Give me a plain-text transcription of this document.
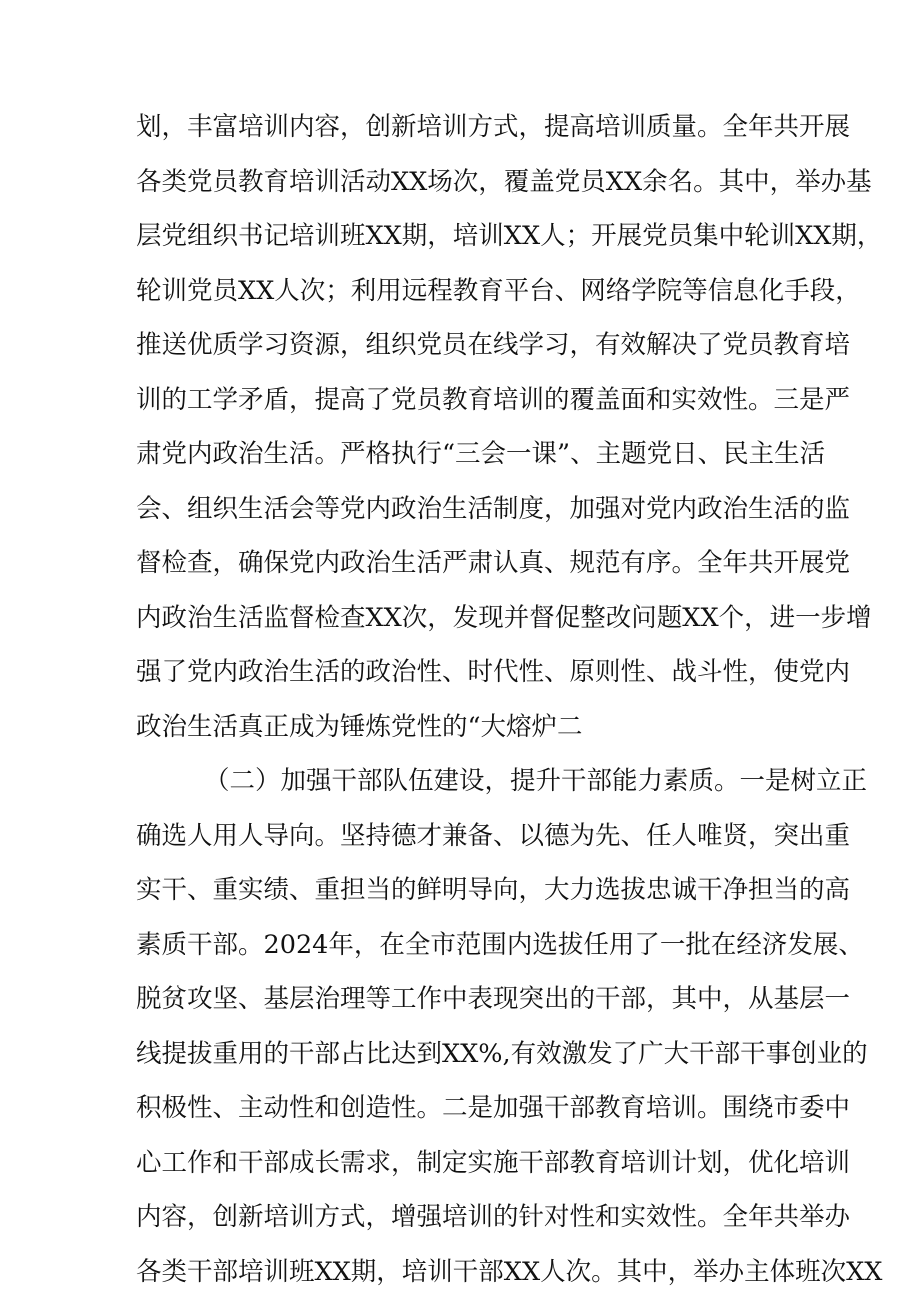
划，丰富培训内容，创新培训方式，提高培训质量。全年共开展
各类党员教育培训活动XX场次，覆盖党员XX余名。其中，举办基
层党组织书记培训班XX期，培训XX人；开展党员集中轮训XX期，
轮训党员XX人次；利用远程教育平台、网络学院等信息化手段，
推送优质学习资源，组织党员在线学习，有效解决了党员教育培
训的工学矛盾，提高了党员教育培训的覆盖面和实效性。三是严
肃党内政治生活。严格执行“三会一课”、主题党日、民主生活
会、组织生活会等党内政治生活制度，加强对党内政治生活的监
督检查，确保党内政治生活严肃认真、规范有序。全年共开展党
内政治生活监督检查XX次，发现并督促整改问题XX个，进一步增
强了党内政治生活的政治性、时代性、原则性、战斗性，使党内
政治生活真正成为锤炼党性的“大熔炉二
（二）加强干部队伍建设，提升干部能力素质。一是树立正
确选人用人导向。坚持德才兼备、以德为先、任人唯贤，突出重
实干、重实绩、重担当的鲜明导向，大力选拔忠诚干净担当的高
素质干部。2024年，在全市范围内选拔任用了一批在经济发展、
脱贫攻坚、基层治理等工作中表现突出的干部，其中，从基层一
线提拔重用的干部占比达到XX%,有效激发了广大干部干事创业的
积极性、主动性和创造性。二是加强干部教育培训。围绕市委中
心工作和干部成长需求，制定实施干部教育培训计划，优化培训
内容，创新培训方式，增强培训的针对性和实效性。全年共举办
各类干部培训班XX期，培训干部XX人次。其中，举办主体班次XX
